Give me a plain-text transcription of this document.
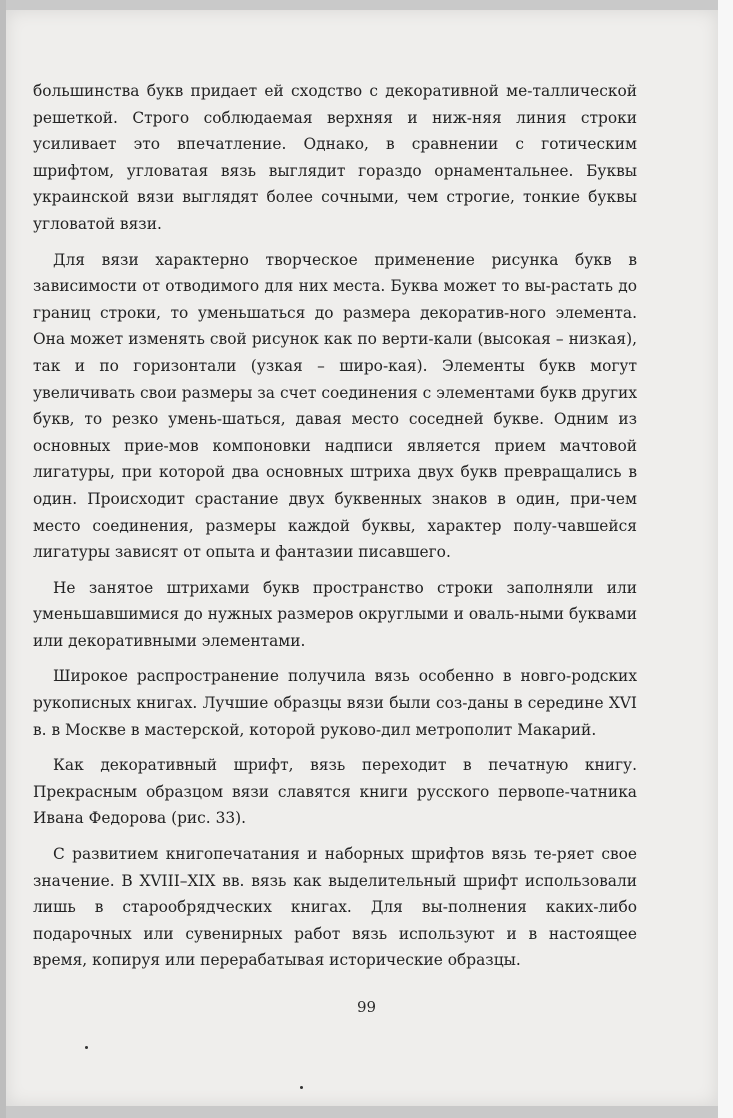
большинства букв придает ей сходство с декоративной ме-таллической решеткой. Строго соблюдаемая верхняя и ниж-няя линия строки усиливает это впечатление. Однако, в сравнении с готическим шрифтом, угловатая вязь выглядит гораздо орнаментальнее. Буквы украинской вязи выглядят более сочными, чем строгие, тонкие буквы угловатой вязи.

Для вязи характерно творческое применение рисунка букв в зависимости от отводимого для них места. Буква может то вы-растать до границ строки, то уменьшаться до размера декоратив-ного элемента. Она может изменять свой рисунок как по верти-кали (высокая – низкая), так и по горизонтали (узкая – широ-кая). Элементы букв могут увеличивать свои размеры за счет соединения с элементами букв других букв, то резко умень-шаться, давая место соседней букве. Одним из основных прие-мов компоновки надписи является прием мачтовой лигатуры, при которой два основных штриха двух букв превращались в один. Происходит срастание двух буквенных знаков в один, при-чем место соединения, размеры каждой буквы, характер полу-чавшейся лигатуры зависят от опыта и фантазии писавшего.

Не занятое штрихами букв пространство строки заполняли или уменьшавшимися до нужных размеров округлыми и оваль-ными буквами или декоративными элементами.

Широкое распространение получила вязь особенно в новго-родских рукописных книгах. Лучшие образцы вязи были соз-даны в середине XVI в. в Москве в мастерской, которой руково-дил метрополит Макарий.

Как декоративный шрифт, вязь переходит в печатную книгу. Прекрасным образцом вязи славятся книги русского первопе-чатника Ивана Федорова (рис. 33).

С развитием книгопечатания и наборных шрифтов вязь те-ряет свое значение. В XVIII–XIX вв. вязь как выделительный шрифт использовали лишь в старообрядческих книгах. Для вы-полнения каких-либо подарочных или сувенирных работ вязь используют и в настоящее время, копируя или перерабатывая исторические образцы.

99
